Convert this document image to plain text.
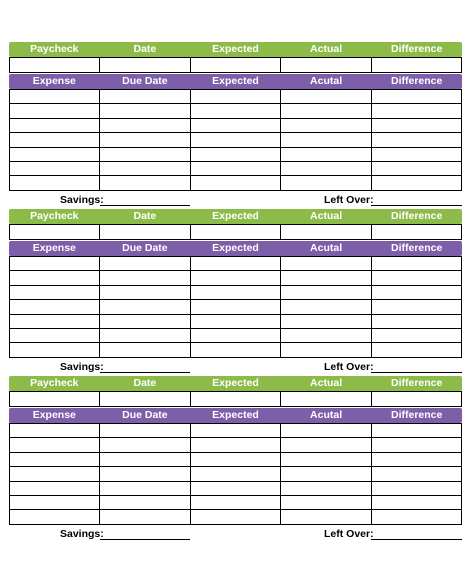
Paycheck	Date	Expected	Actual	Difference

Expense	Due Date	Expected	Acutal	Difference

Savings:	Left Over:
Paycheck	Date	Expected	Actual	Difference

Expense	Due Date	Expected	Acutal	Difference

Savings:	Left Over:
Paycheck	Date	Expected	Actual	Difference

Expense	Due Date	Expected	Acutal	Difference

Savings:	Left Over:
